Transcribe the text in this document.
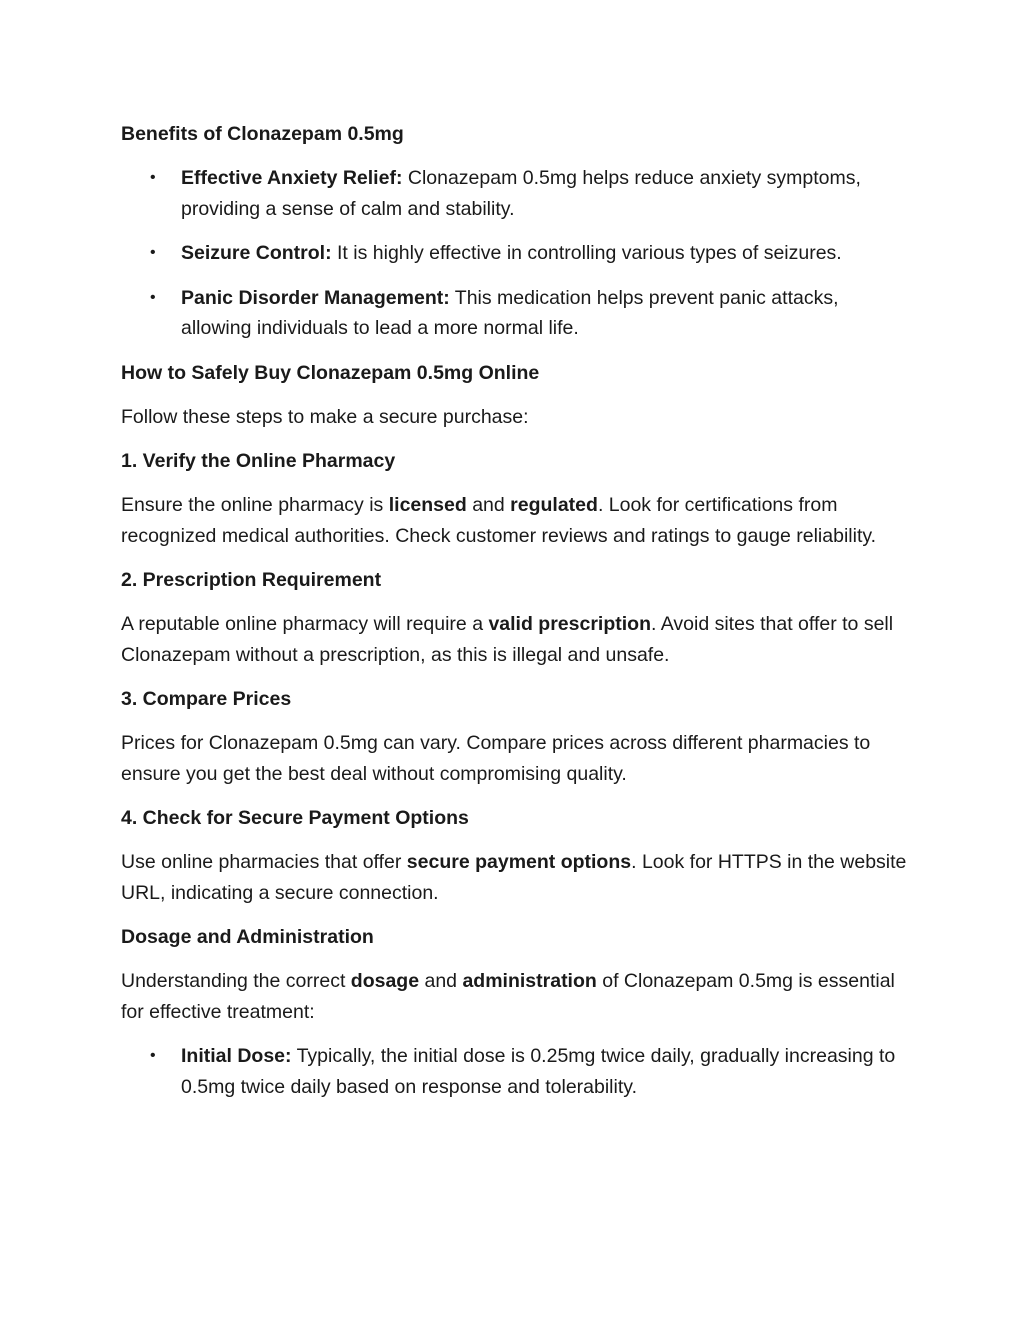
Benefits of Clonazepam 0.5mg
• Effective Anxiety Relief: Clonazepam 0.5mg helps reduce anxiety symptoms, providing a sense of calm and stability.
• Seizure Control: It is highly effective in controlling various types of seizures.
• Panic Disorder Management: This medication helps prevent panic attacks, allowing individuals to lead a more normal life.
How to Safely Buy Clonazepam 0.5mg Online
Follow these steps to make a secure purchase:
1. Verify the Online Pharmacy
Ensure the online pharmacy is licensed and regulated. Look for certifications from recognized medical authorities. Check customer reviews and ratings to gauge reliability.
2. Prescription Requirement
A reputable online pharmacy will require a valid prescription. Avoid sites that offer to sell Clonazepam without a prescription, as this is illegal and unsafe.
3. Compare Prices
Prices for Clonazepam 0.5mg can vary. Compare prices across different pharmacies to ensure you get the best deal without compromising quality.
4. Check for Secure Payment Options
Use online pharmacies that offer secure payment options. Look for HTTPS in the website URL, indicating a secure connection.
Dosage and Administration
Understanding the correct dosage and administration of Clonazepam 0.5mg is essential for effective treatment:
• Initial Dose: Typically, the initial dose is 0.25mg twice daily, gradually increasing to 0.5mg twice daily based on response and tolerability.
